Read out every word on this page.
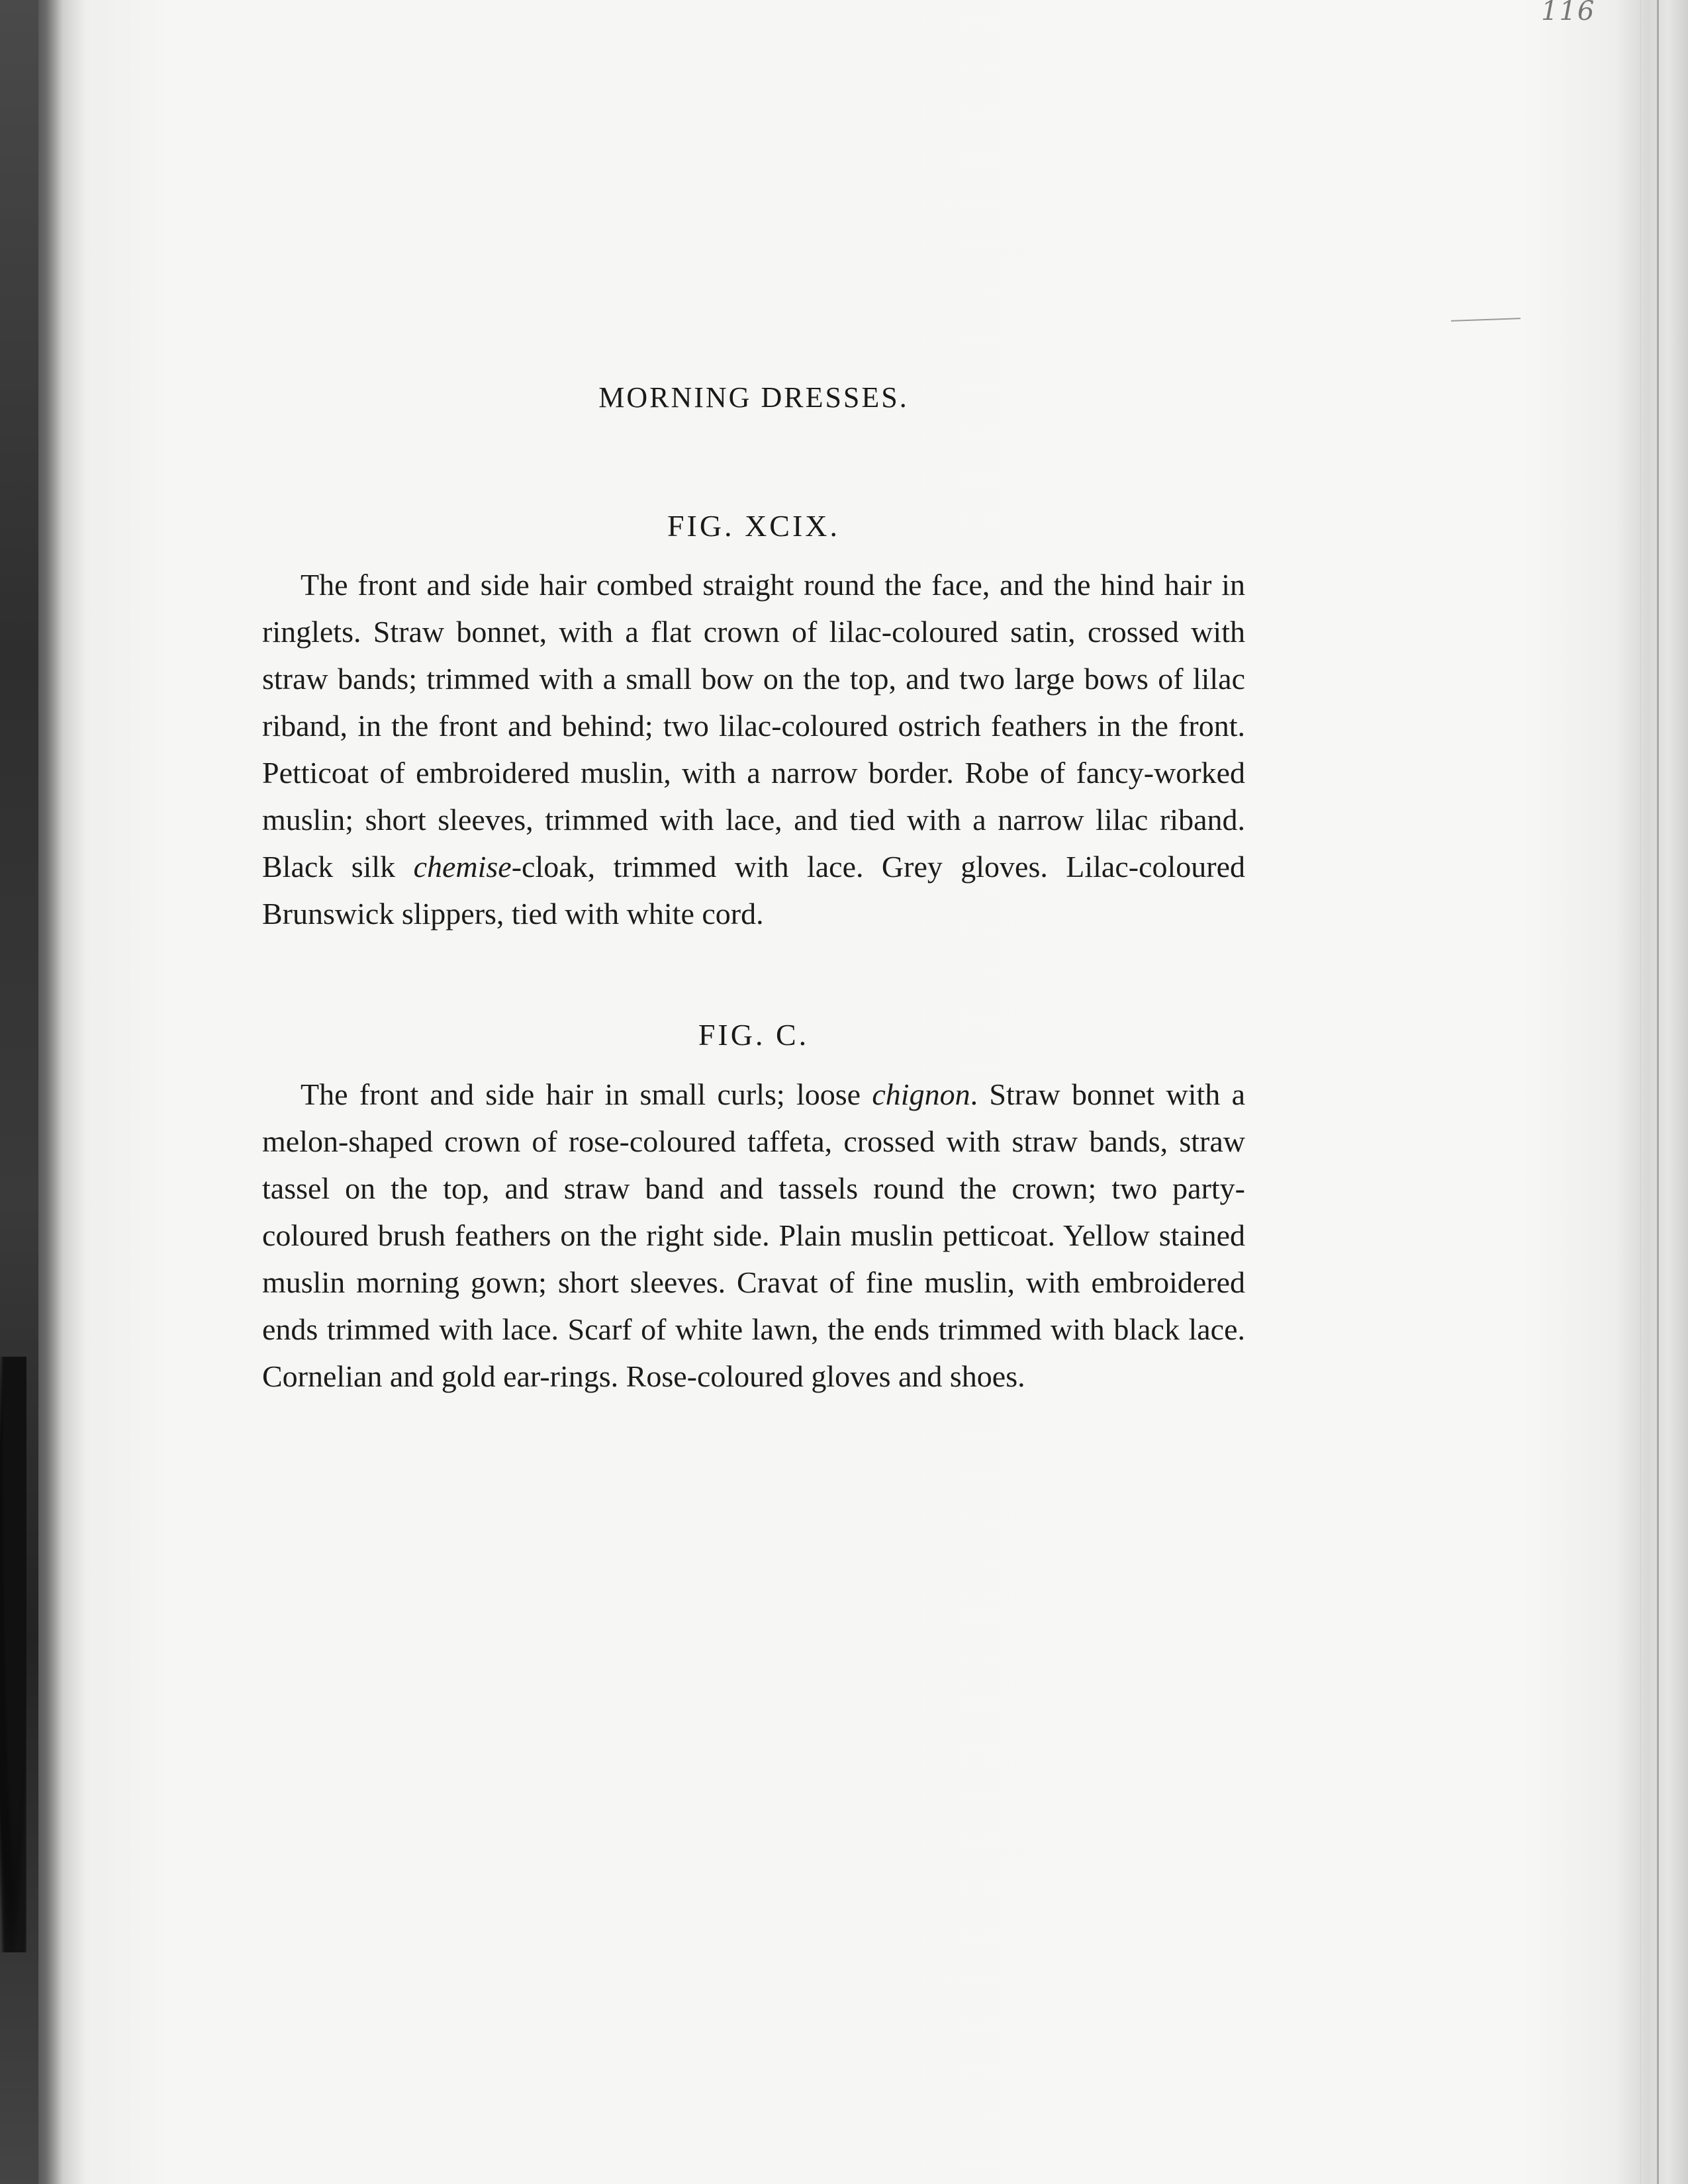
116
MORNING DRESSES.
FIG. XCIX.

The front and side hair combed straight round the face, and the hind hair in ringlets. Straw bonnet, with a flat crown of lilac-coloured satin, crossed with straw bands; trimmed with a small bow on the top, and two large bows of lilac riband, in the front and behind; two lilac-coloured ostrich feathers in the front. Petticoat of embroidered muslin, with a narrow border. Robe of fancy-worked muslin; short sleeves, trimmed with lace, and tied with a narrow lilac riband. Black silk chemise-cloak, trimmed with lace. Grey gloves. Lilac-coloured Brunswick slippers, tied with white cord.

FIG. C.

The front and side hair in small curls; loose chignon. Straw bonnet with a melon-shaped crown of rose-coloured taffeta, crossed with straw bands, straw tassel on the top, and straw band and tassels round the crown; two party-coloured brush feathers on the right side. Plain muslin petticoat. Yellow stained muslin morning gown; short sleeves. Cravat of fine muslin, with embroidered ends trimmed with lace. Scarf of white lawn, the ends trimmed with black lace. Cornelian and gold ear-rings. Rose-coloured gloves and shoes.
